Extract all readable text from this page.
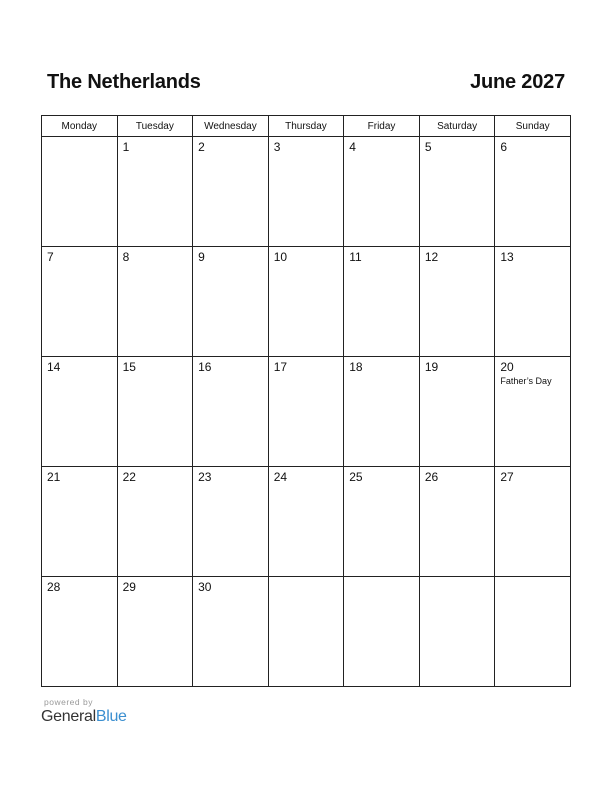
The Netherlands	June 2027
Monday	Tuesday	Wednesday	Thursday	Friday	Saturday	Sunday

	1	2	3	4	5	6

7	8	9	10	11	12	13

14	15	16	17	18	19	20
Father’s Day

21	22	23	24	25	26	27

28	29	30				

powered by
GeneralBlue
